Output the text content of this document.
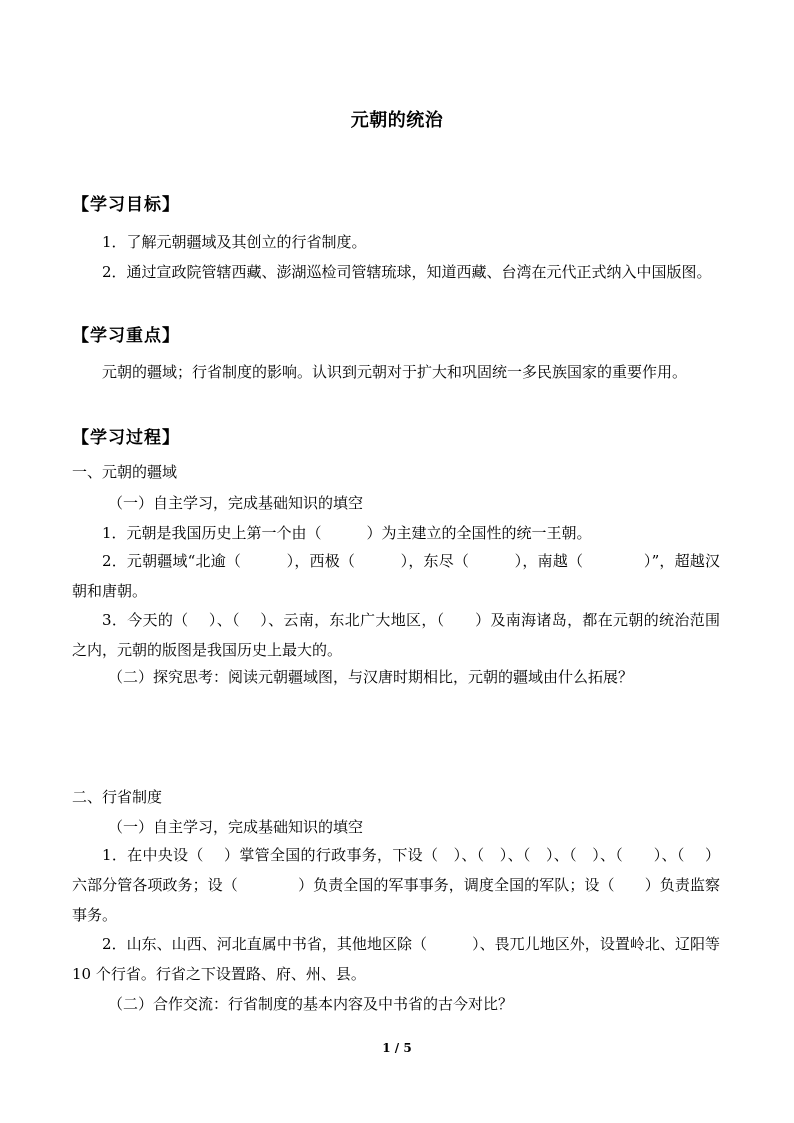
元朝的统治
【学习目标】
1．了解元朝疆域及其创立的行省制度。
2．通过宣政院管辖西藏、澎湖巡检司管辖琉球，知道西藏、台湾在元代正式纳入中国版图。
【学习重点】
元朝的疆域；行省制度的影响。认识到元朝对于扩大和巩固统一多民族国家的重要作用。
【学习过程】
一、元朝的疆域
（一）自主学习，完成基础知识的填空
1．元朝是我国历史上第一个由（　　　）为主建立的全国性的统一王朝。
2．元朝疆域“北逾（　　　），西极（　　　），东尽（　　　），南越（　　　　）”，超越汉朝和唐朝。
3．今天的（　 ）、（　 ）、云南，东北广大地区，（　　）及南海诸岛，都在元朝的统治范围之内，元朝的版图是我国历史上最大的。
（二）探究思考：阅读元朝疆域图，与汉唐时期相比，元朝的疆域由什么拓展？
二、行省制度
（一）自主学习，完成基础知识的填空
1．在中央设（　 ）掌管全国的行政事务，下设（　）、（　）、（　）、（　）、（　　）、（　 ）六部分管各项政务；设（　　　　）负责全国的军事事务，调度全国的军队；设（　　）负责监察事务。
2．山东、山西、河北直属中书省，其他地区除（　　　）、畏兀儿地区外，设置岭北、辽阳等 10 个行省。行省之下设置路、府、州、县。
（二）合作交流：行省制度的基本内容及中书省的古今对比？
1 / 5
